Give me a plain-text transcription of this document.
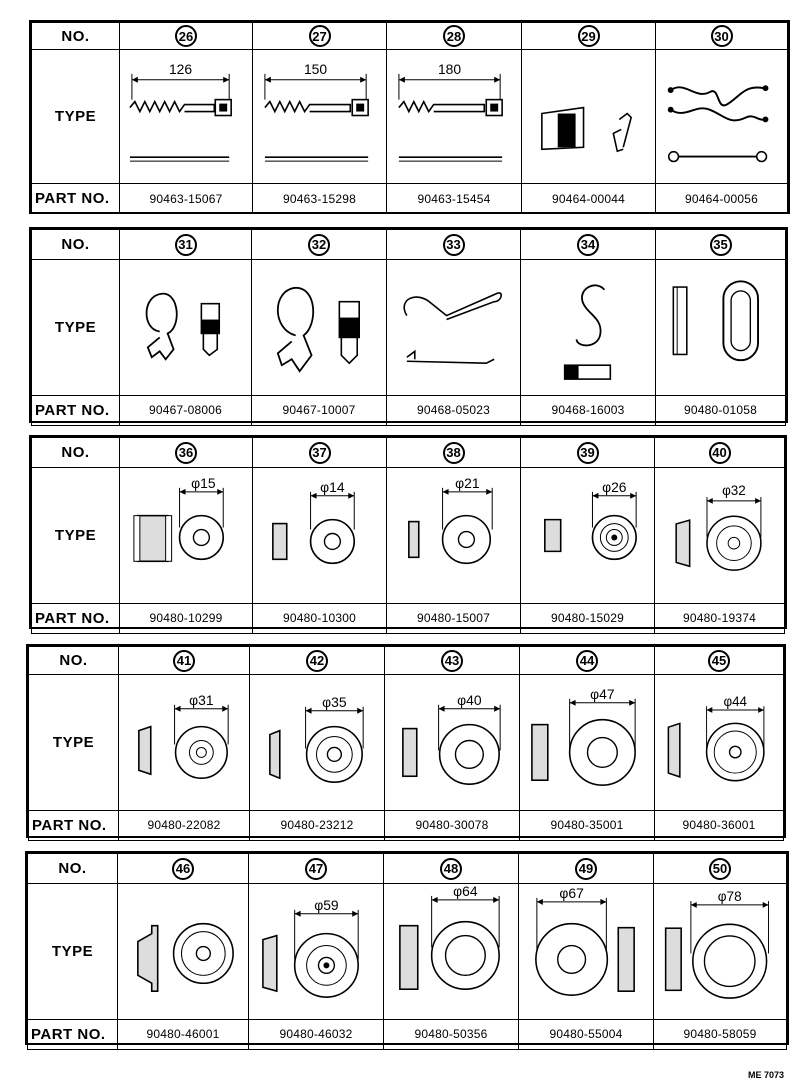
NO.	26	27	28	29	30
TYPE	126	150	180

PART NO.	90463-15067	90463-15298	90463-15454	90464-00044	90464-00056
NO.	31	32	33	34	35
TYPE	

PART NO.	90467-08006	90467-10007	90468-05023	90468-16003	90480-01058
NO.	36	37	38	39	40
TYPE	φ15	φ14	φ21	φ26	φ32

PART NO.	90480-10299	90480-10300	90480-15007	90480-15029	90480-19374
NO.	41	42	43	44	45
TYPE	φ31	φ35	φ40	φ47	φ44

PART NO.	90480-22082	90480-23212	90480-30078	90480-35001	90480-36001
NO.	46	47	48	49	50
TYPE		φ59	φ64	φ67	φ78

PART NO.	90480-46001	90480-46032	90480-50356	90480-55004	90480-58059
ME 7073
